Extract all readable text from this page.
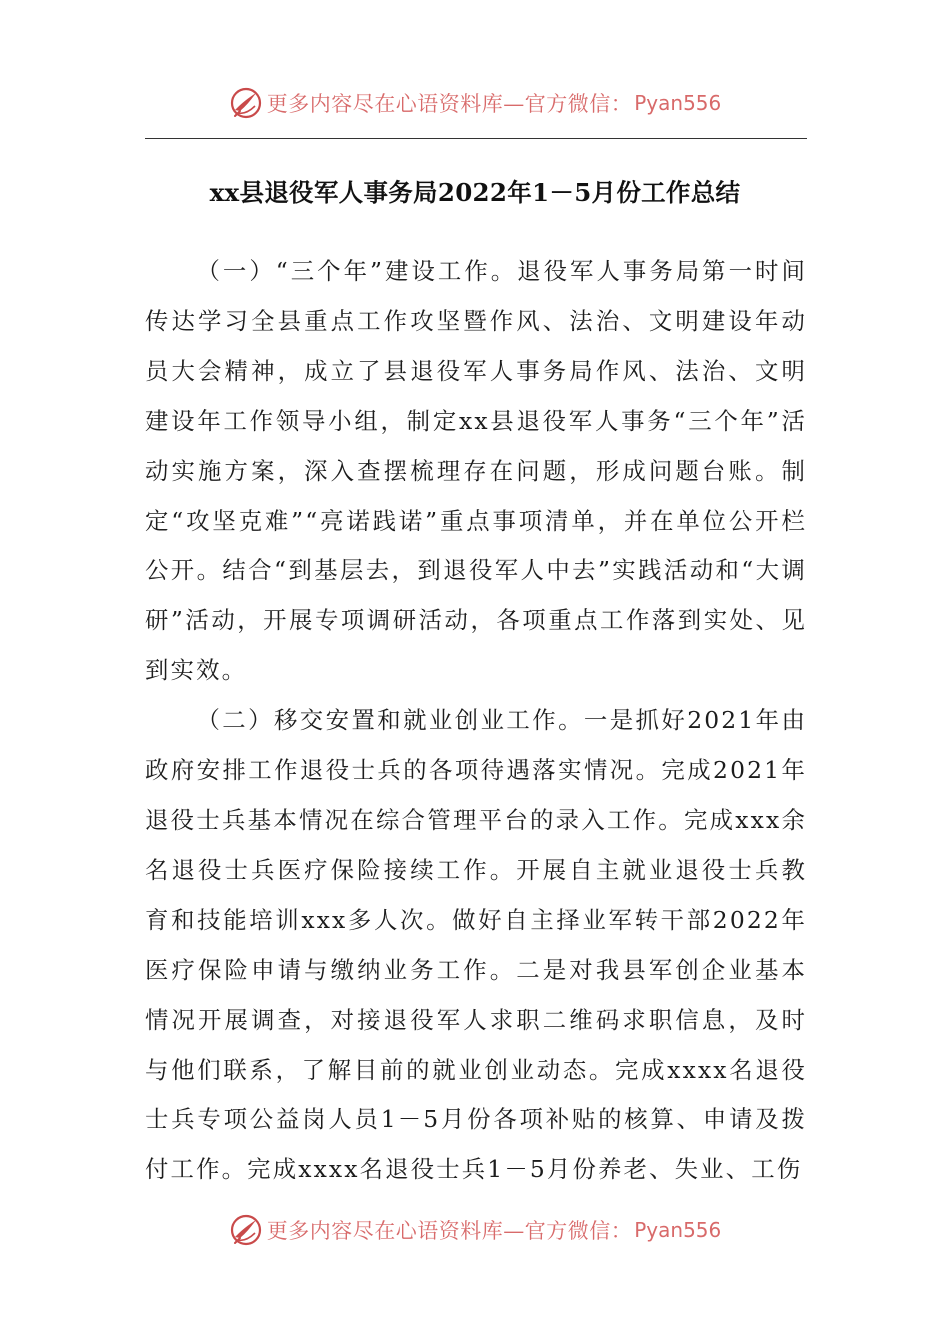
更多内容尽在心语资料库—官方微信： Pyan556
xx县退役军人事务局2022年1－5月份工作总结

（一）“三个年”建设工作。退役军人事务局第一时间传达学习全县重点工作攻坚暨作风、法治、文明建设年动员大会精神，成立了县退役军人事务局作风、法治、文明建设年工作领导小组，制定xx县退役军人事务“三个年”活动实施方案，深入查摆梳理存在问题，形成问题台账。制定“攻坚克难”“亮诺践诺”重点事项清单，并在单位公开栏公开。结合“到基层去，到退役军人中去”实践活动和“大调研”活动，开展专项调研活动，各项重点工作落到实处、见到实效。

（二）移交安置和就业创业工作。一是抓好2021年由政府安排工作退役士兵的各项待遇落实情况。完成2021年退役士兵基本情况在综合管理平台的录入工作。完成xxx余名退役士兵医疗保险接续工作。开展自主就业退役士兵教育和技能培训xxx多人次。做好自主择业军转干部2022年医疗保险申请与缴纳业务工作。二是对我县军创企业基本情况开展调查，对接退役军人求职二维码求职信息，及时与他们联系，了解目前的就业创业动态。完成xxxx名退役士兵专项公益岗人员1－5月份各项补贴的核算、申请及拨付工作。完成xxxx名退役士兵1－5月份养老、失业、工伤

更多内容尽在心语资料库—官方微信： Pyan556
